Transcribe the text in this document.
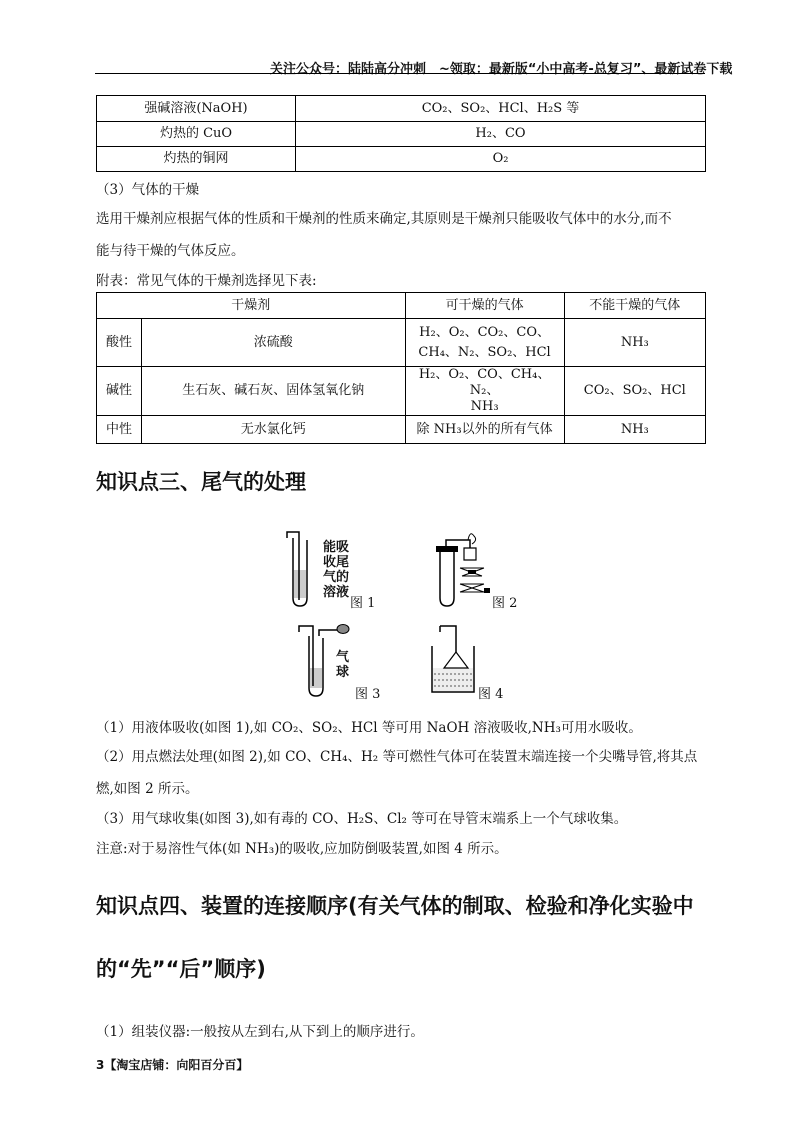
关注公众号：陆陆高分冲刺　~领取：最新版“小中高考-总复习”、最新试卷下载
强碱溶液(NaOH)	CO₂、SO₂、HCl、H₂S 等
灼热的 CuO	H₂、CO
灼热的铜网	O₂
（3）气体的干燥
选用干燥剂应根据气体的性质和干燥剂的性质来确定,其原则是干燥剂只能吸收气体中的水分,而不
能与待干燥的气体反应。
附表：常见气体的干燥剂选择见下表:
干燥剂		可干燥的气体	不能干燥的气体
酸性	浓硫酸	H₂、O₂、CO₂、CO、
CH₄、N₂、SO₂、HCl	NH₃
碱性	生石灰、碱石灰、固体氢氧化钠	H₂、O₂、CO、CH₄、N₂、
NH₃	CO₂、SO₂、HCl
中性	无水氯化钙	除 NH₃以外的所有气体	NH₃
知识点三、尾气的处理
能吸
收尾
气的
溶液
图 1	图 2
气
球
图 3	图 4
（1）用液体吸收(如图 1),如 CO₂、SO₂、HCl 等可用 NaOH 溶液吸收,NH₃可用水吸收。
（2）用点燃法处理(如图 2),如 CO、CH₄、H₂ 等可燃性气体可在装置末端连接一个尖嘴导管,将其点
燃,如图 2 所示。
（3）用气球收集(如图 3),如有毒的 CO、H₂S、Cl₂ 等可在导管末端系上一个气球收集。
注意:对于易溶性气体(如 NH₃)的吸收,应加防倒吸装置,如图 4 所示。
知识点四、装置的连接顺序(有关气体的制取、检验和净化实验中
的“先”“后”顺序)
（1）组装仪器:一般按从左到右,从下到上的顺序进行。
3【淘宝店铺：向阳百分百】
